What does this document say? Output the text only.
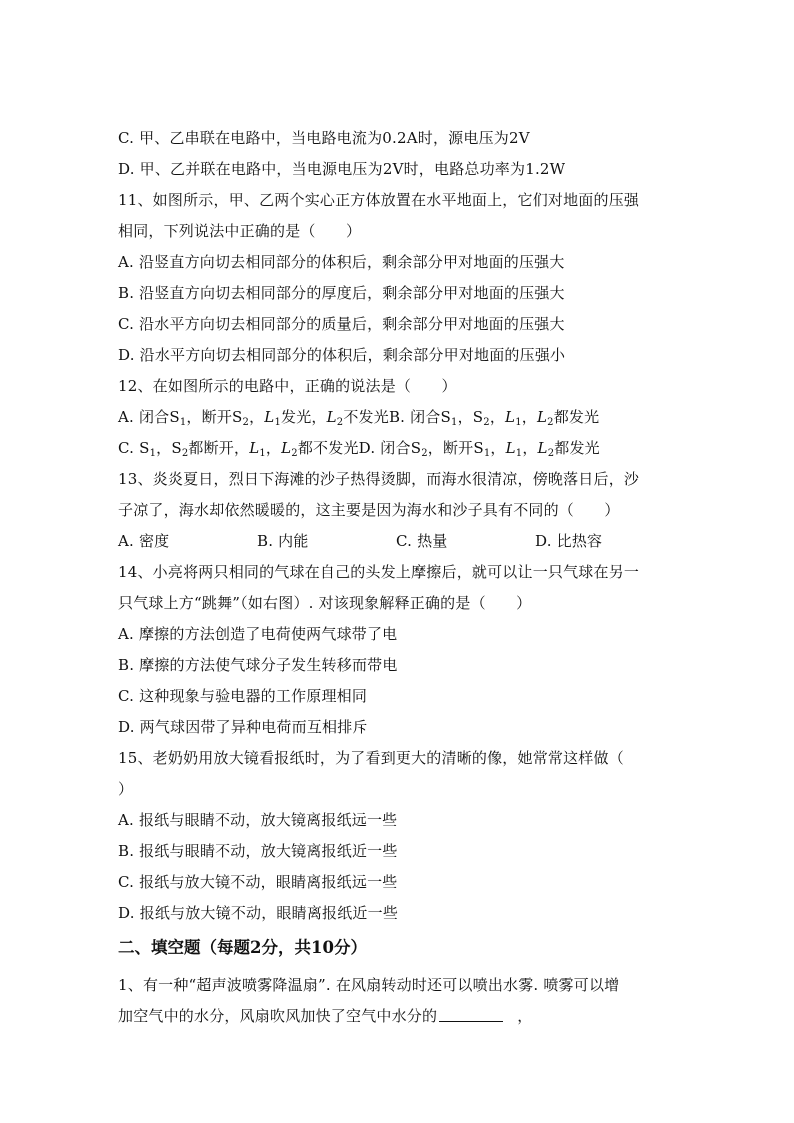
C. 甲、乙串联在电路中，当电路电流为0.2A时，源电压为2V
D. 甲、乙并联在电路中，当电源电压为2V时，电路总功率为1.2W
11、如图所示，甲、乙两个实心正方体放置在水平地面上，它们对地面的压强
相同，下列说法中正确的是（　　）
A. 沿竖直方向切去相同部分的体积后，剩余部分甲对地面的压强大
B. 沿竖直方向切去相同部分的厚度后，剩余部分甲对地面的压强大
C. 沿水平方向切去相同部分的质量后，剩余部分甲对地面的压强大
D. 沿水平方向切去相同部分的体积后，剩余部分甲对地面的压强小
12、在如图所示的电路中，正确的说法是（　　）
A. 闭合$S_1$，断开$S_2$，$L_1$发光，$L_2$不发光B. 闭合$S_1$，$S_2$，$L_1$，$L_2$都发光
C. $S_1$，$S_2$都断开，$L_1$，$L_2$都不发光D. 闭合$S_2$，断开$S_1$，$L_1$，$L_2$都发光
13、炎炎夏日，烈日下海滩的沙子热得烫脚，而海水很清凉，傍晚落日后，沙
子凉了，海水却依然暖暖的，这主要是因为海水和沙子具有不同的（　　）
A. 密度	B. 内能	C. 热量	D. 比热容
14、小亮将两只相同的气球在自己的头发上摩擦后，就可以让一只气球在另一
只气球上方“跳舞”（如右图）. 对该现象解释正确的是（　　）
A. 摩擦的方法创造了电荷使两气球带了电
B. 摩擦的方法使气球分子发生转移而带电
C. 这种现象与验电器的工作原理相同
D. 两气球因带了异种电荷而互相排斥
15、老奶奶用放大镜看报纸时，为了看到更大的清晰的像，她常常这样做（
）
A. 报纸与眼睛不动，放大镜离报纸远一些
B. 报纸与眼睛不动，放大镜离报纸近一些
C. 报纸与放大镜不动，眼睛离报纸远一些
D. 报纸与放大镜不动，眼睛离报纸近一些
二、填空题（每题2分，共10分）
1、有一种“超声波喷雾降温扇”. 在风扇转动时还可以喷出水雾. 喷雾可以增
加空气中的水分，风扇吹风加快了空气中水分的	，
